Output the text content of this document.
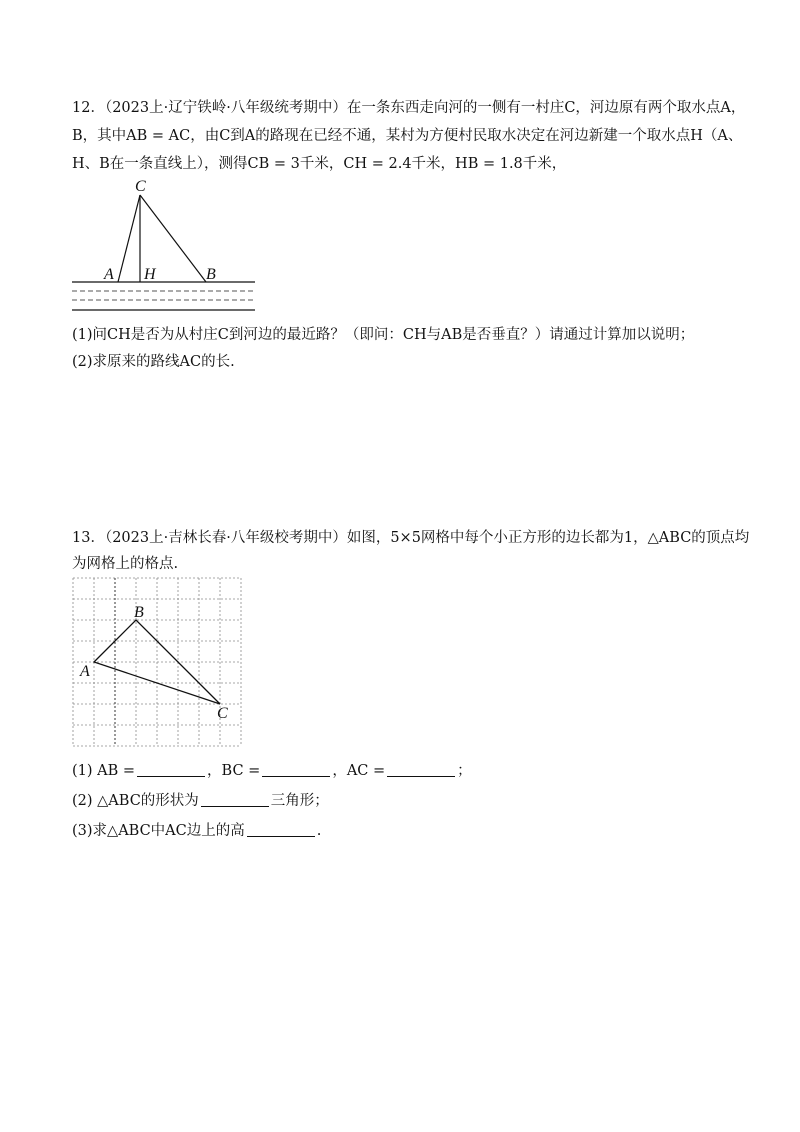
12．（2023上·辽宁铁岭·八年级统考期中）在一条东西走向河的一侧有一村庄C，河边原有两个取水点A，
B，其中AB = AC，由C到A的路现在已经不通，某村为方便村民取水决定在河边新建一个取水点H（A、
H、B在一条直线上），测得CB = 3千米，CH = 2.4千米，HB = 1.8千米，
C
A H	B
(1)问CH是否为从村庄C到河边的最近路？（即问：CH与AB是否垂直？）请通过计算加以说明；
(2)求原来的路线AC的长.
13．（2023上·吉林长春·八年级校考期中）如图，5×5网格中每个小正方形的边长都为1，△ABC的顶点均
为网格上的格点.
B
A
C
(1) AB =	，BC =	，AC =	；
(2) △ABC的形状为	三角形；
(3)求△ABC中AC边上的高	.
